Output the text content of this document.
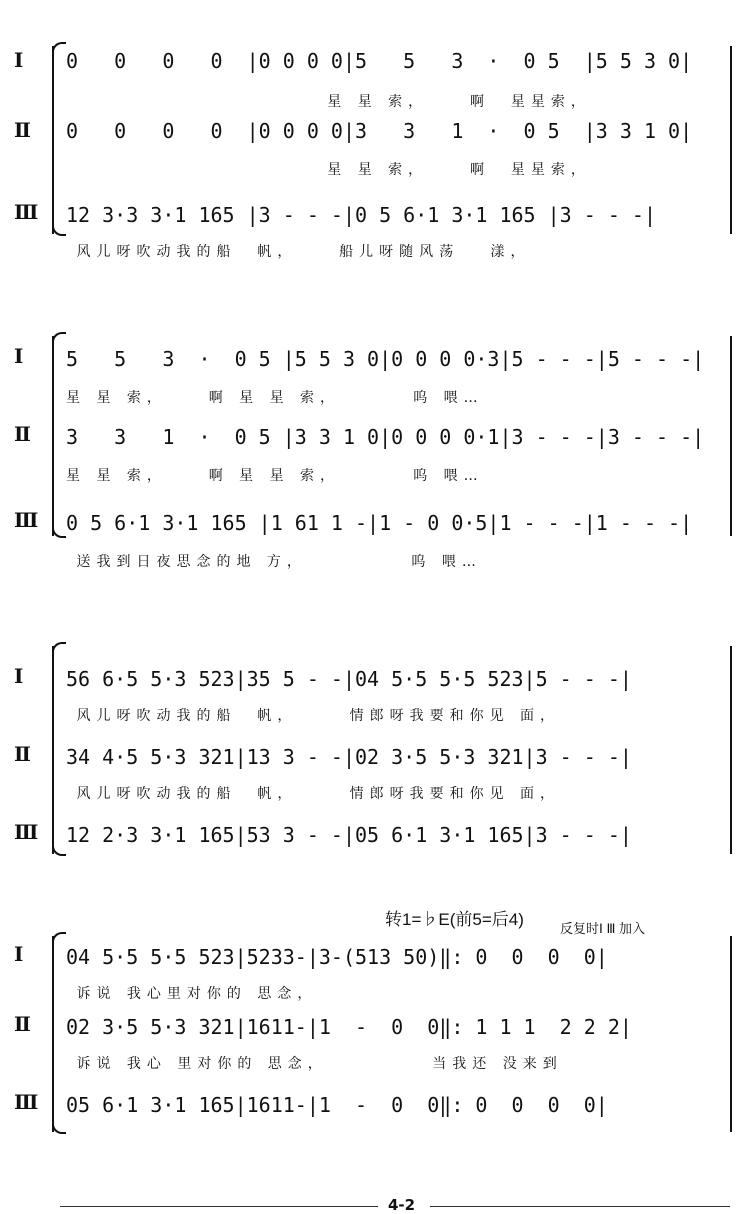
Ⅰ 0   0   0   0  |0 0 0 0|5   5   3  ·  0 5  |5 5 3 0|
星 星 索，    啊  星星索，
Ⅱ 0   0   0   0  |0 0 0 0|3   3   1  ·  0 5  |3 3 1 0|
星 星 索，    啊  星星索，
Ⅲ 12 3·3 3·1 165 |3 - - -|0 5 6·1 3·1 165 |3 - - -|
风儿呀吹动我的船  帆，    船儿呀随风荡   漾，
Ⅰ 5   5   3  ·  0 5 |5 5 3 0|0 0 0 0·3|5 - - -|5 - - -|
星 星 索，    啊 星 星 索，       呜 喂…
Ⅱ 3   3   1  ·  0 5 |3 3 1 0|0 0 0 0·1|3 - - -|3 - - -|
星 星 索，    啊 星 星 索，       呜 喂…
Ⅲ 0 5 6·1 3·1 165 |1 61 1 -|1 - 0 0·5|1 - - -|1 - - -|
送我到日夜思念的地 方，          呜 喂…
Ⅰ 56 6·5 5·3 523|35 5 - -|04 5·5 5·5 523|5 - - -|
风儿呀吹动我的船  帆，     情郎呀我要和你见 面，
Ⅱ 34 4·5 5·3 321|13 3 - -|02 3·5 5·3 321|3 - - -|
风儿呀吹动我的船  帆，     情郎呀我要和你见 面，
Ⅲ 12 2·3 3·1 165|53 3 - -|05 6·1 3·1 165|3 - - -|
转1=♭E(前5=后4)	反复时Ⅰ Ⅲ 加入
Ⅰ 04 5·5 5·5 523|5233-|3-(513 50)‖: 0  0  0  0|
诉说 我心里对你的 思念，
Ⅱ 02 3·5 5·3 321|1611-|1  -  0  0‖: 1 1 1  2 2 2|
诉说 我心 里对你的 思念，          当我还 没来到
Ⅲ 05 6·1 3·1 165|1611-|1  -  0  0‖: 0  0  0  0|
4-2
